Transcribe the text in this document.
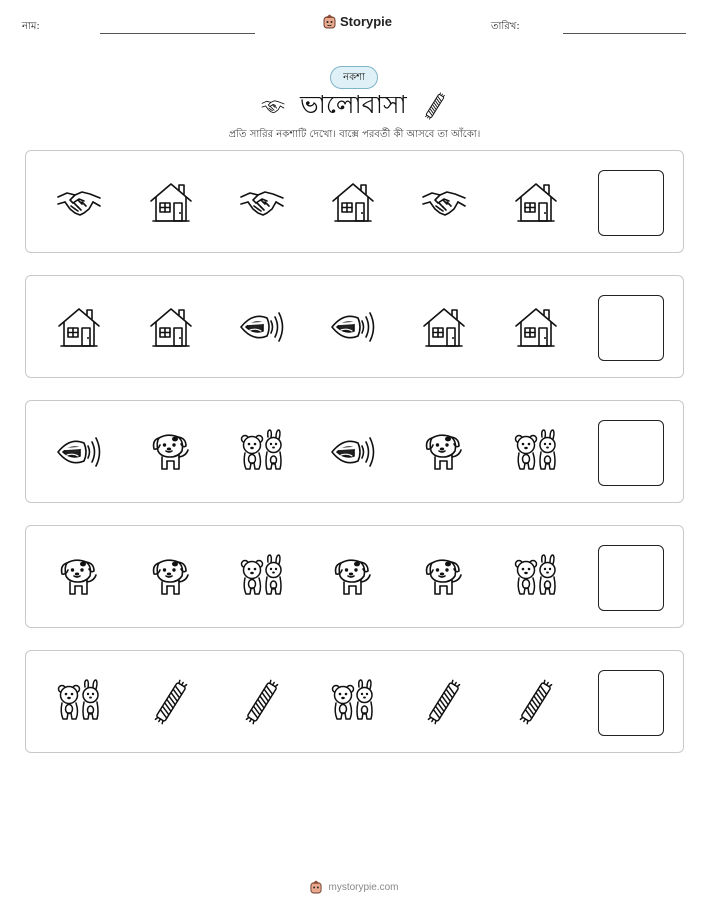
নাম:	Storypie	তারিখ:
নকশা
ভালোবাসা
প্রতি সারির নকশাটি দেখো। বাক্সে পরবর্তী কী আসবে তা আঁকো।
mystorypie.com
